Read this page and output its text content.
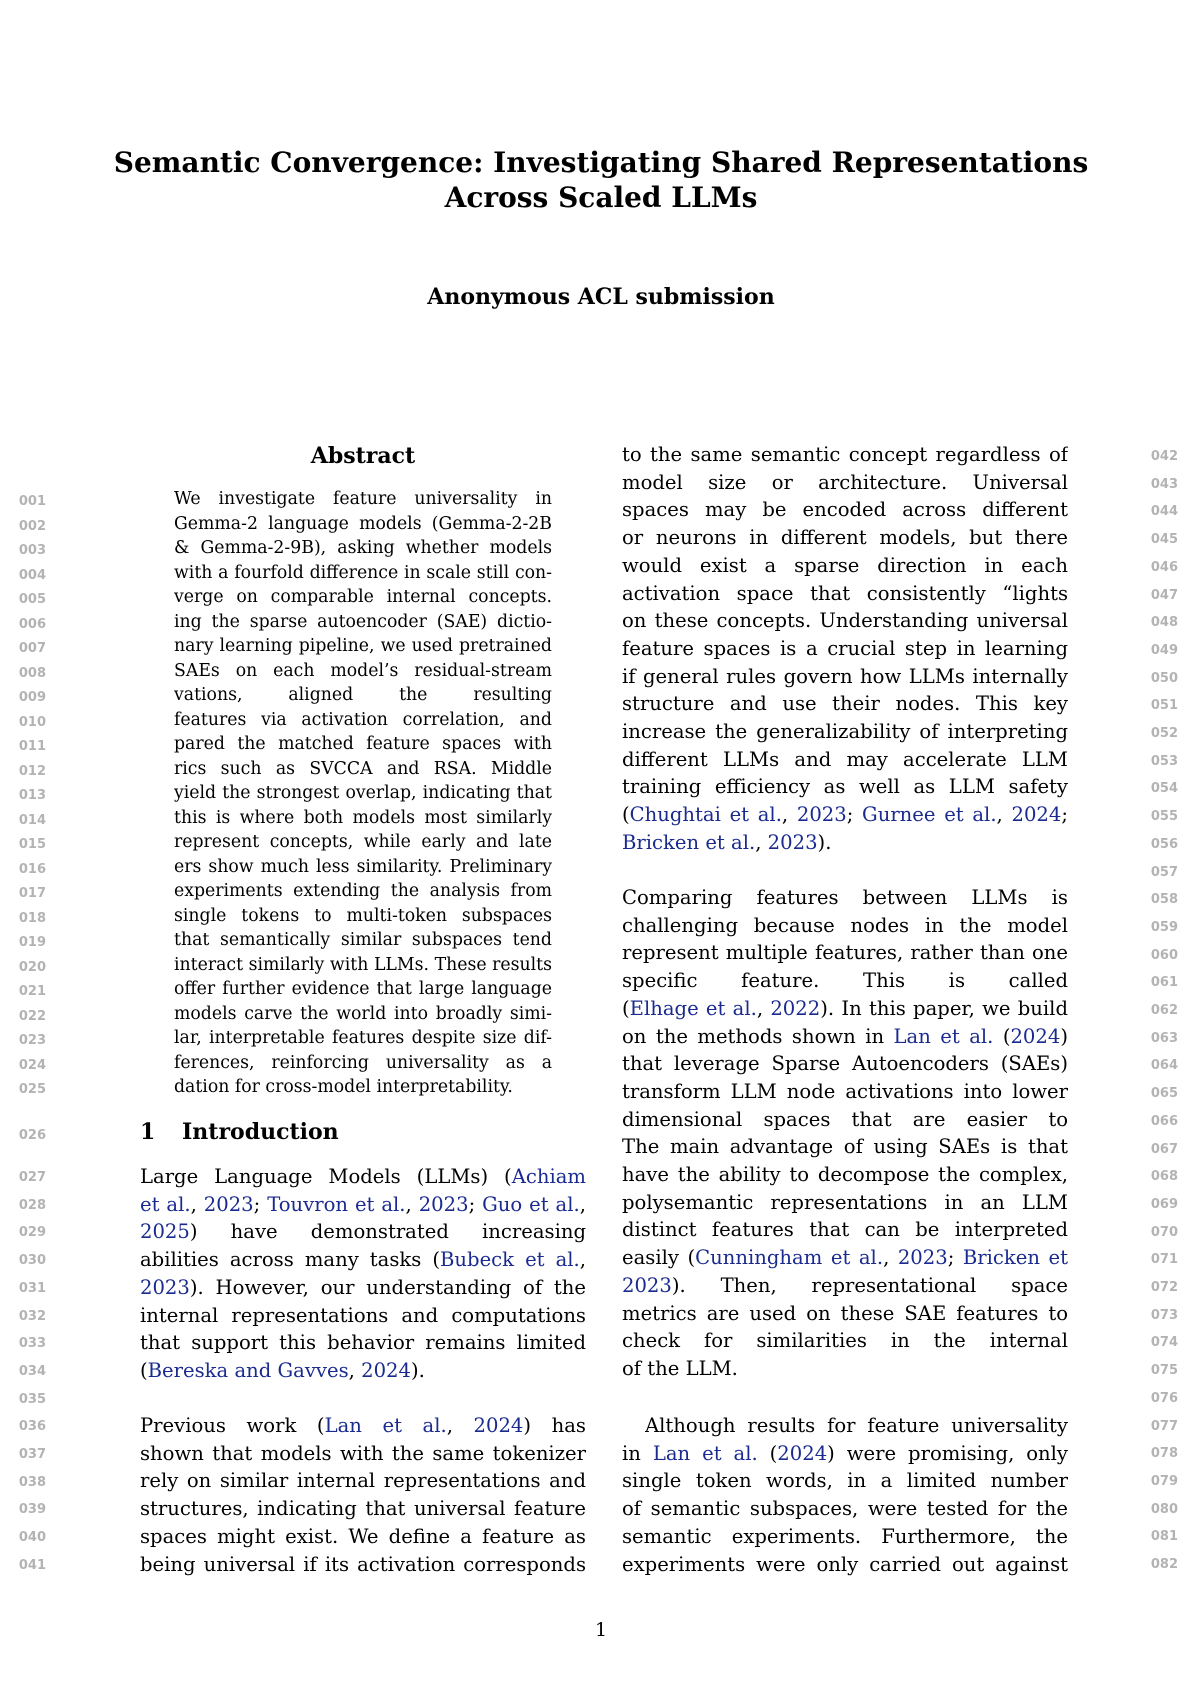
Semantic Convergence: Investigating Shared Representations
Across Scaled LLMs
Anonymous ACL submission
Abstract
We investigate feature universality in
Gemma-2 language models (Gemma-2-2B
& Gemma-2-9B), asking whether models
with a fourfold difference in scale still con-
verge on comparable internal concepts.
ing the sparse autoencoder (SAE) dictio-
nary learning pipeline, we used pretrained
SAEs on each model’s residual-stream
vations, aligned the resulting
features via activation correlation, and
pared the matched feature spaces with
rics such as SVCCA and RSA. Middle
yield the strongest overlap, indicating that
this is where both models most similarly
represent concepts, while early and late
ers show much less similarity. Preliminary
experiments extending the analysis from
single tokens to multi-token subspaces
that semantically similar subspaces tend
interact similarly with LLMs. These results
offer further evidence that large language
models carve the world into broadly simi-
lar, interpretable features despite size dif-
ferences, reinforcing universality as a
dation for cross-model interpretability.
1 Introduction
Large Language Models (LLMs) (Achiam
et al., 2023; Touvron et al., 2023; Guo et al.,
2025) have demonstrated increasing
abilities across many tasks (Bubeck et al.,
2023). However, our understanding of the
internal representations and computations
that support this behavior remains limited
(Bereska and Gavves, 2024).
Previous work (Lan et al., 2024) has
shown that models with the same tokenizer
rely on similar internal representations and
structures, indicating that universal feature
spaces might exist. We define a feature as
being universal if its activation corresponds
to the same semantic concept regardless of
model size or architecture. Universal
spaces may be encoded across different
or neurons in different models, but there
would exist a sparse direction in each
activation space that consistently “lights
on these concepts. Understanding universal
feature spaces is a crucial step in learning
if general rules govern how LLMs internally
structure and use their nodes. This key
increase the generalizability of interpreting
different LLMs and may accelerate LLM
training efficiency as well as LLM safety
(Chughtai et al., 2023; Gurnee et al., 2024;
Bricken et al., 2023).
Comparing features between LLMs is
challenging because nodes in the model
represent multiple features, rather than one
specific feature. This is called
(Elhage et al., 2022). In this paper, we build
on the methods shown in Lan et al. (2024)
that leverage Sparse Autoencoders (SAEs)
transform LLM node activations into lower
dimensional spaces that are easier to
The main advantage of using SAEs is that
have the ability to decompose the complex,
polysemantic representations in an LLM
distinct features that can be interpreted
easily (Cunningham et al., 2023; Bricken et
2023). Then, representational space
metrics are used on these SAE features to
check for similarities in the internal
of the LLM.
Although results for feature universality
in Lan et al. (2024) were promising, only
single token words, in a limited number
of semantic subspaces, were tested for the
semantic experiments. Furthermore, the
experiments were only carried out against
001
002
003
004
005
006
007
008
009
010
011
012
013
014
015
016
017
018
019
020
021
022
023
024
025
026
027
028
029
030
031
032
033
034
035
036
037
038
039
040
041
042
043
044
045
046
047
048
049
050
051
052
053
054
055
056
057
058
059
060
061
062
063
064
065
066
067
068
069
070
071
072
073
074
075
076
077
078
079
080
081
082
1
